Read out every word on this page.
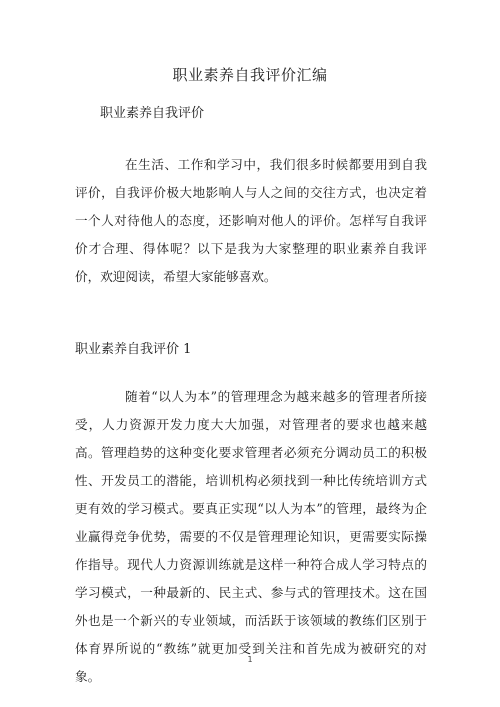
职业素养自我评价汇编
职业素养自我评价

在生活、工作和学习中，我们很多时候都要用到自我评价，自我评价极大地影响人与人之间的交往方式，也决定着一个人对待他人的态度，还影响对他人的评价。怎样写自我评价才合理、得体呢？以下是我为大家整理的职业素养自我评价，欢迎阅读，希望大家能够喜欢。

职业素养自我评价 1

随着“以人为本”的管理理念为越来越多的管理者所接受，人力资源开发力度大大加强，对管理者的要求也越来越高。管理趋势的这种变化要求管理者必须充分调动员工的积极性、开发员工的潜能，培训机构必须找到一种比传统培训方式更有效的学习模式。要真正实现“以人为本”的管理，最终为企业赢得竞争优势，需要的不仅是管理理论知识，更需要实际操作指导。现代人力资源训练就是这样一种符合成人学习特点的学习模式，一种最新的、民主式、参与式的管理技术。这在国外也是一个新兴的专业领域，而活跃于该领域的教练们区别于体育界所说的“教练”就更加受到关注和首先成为被研究的对象。

1
